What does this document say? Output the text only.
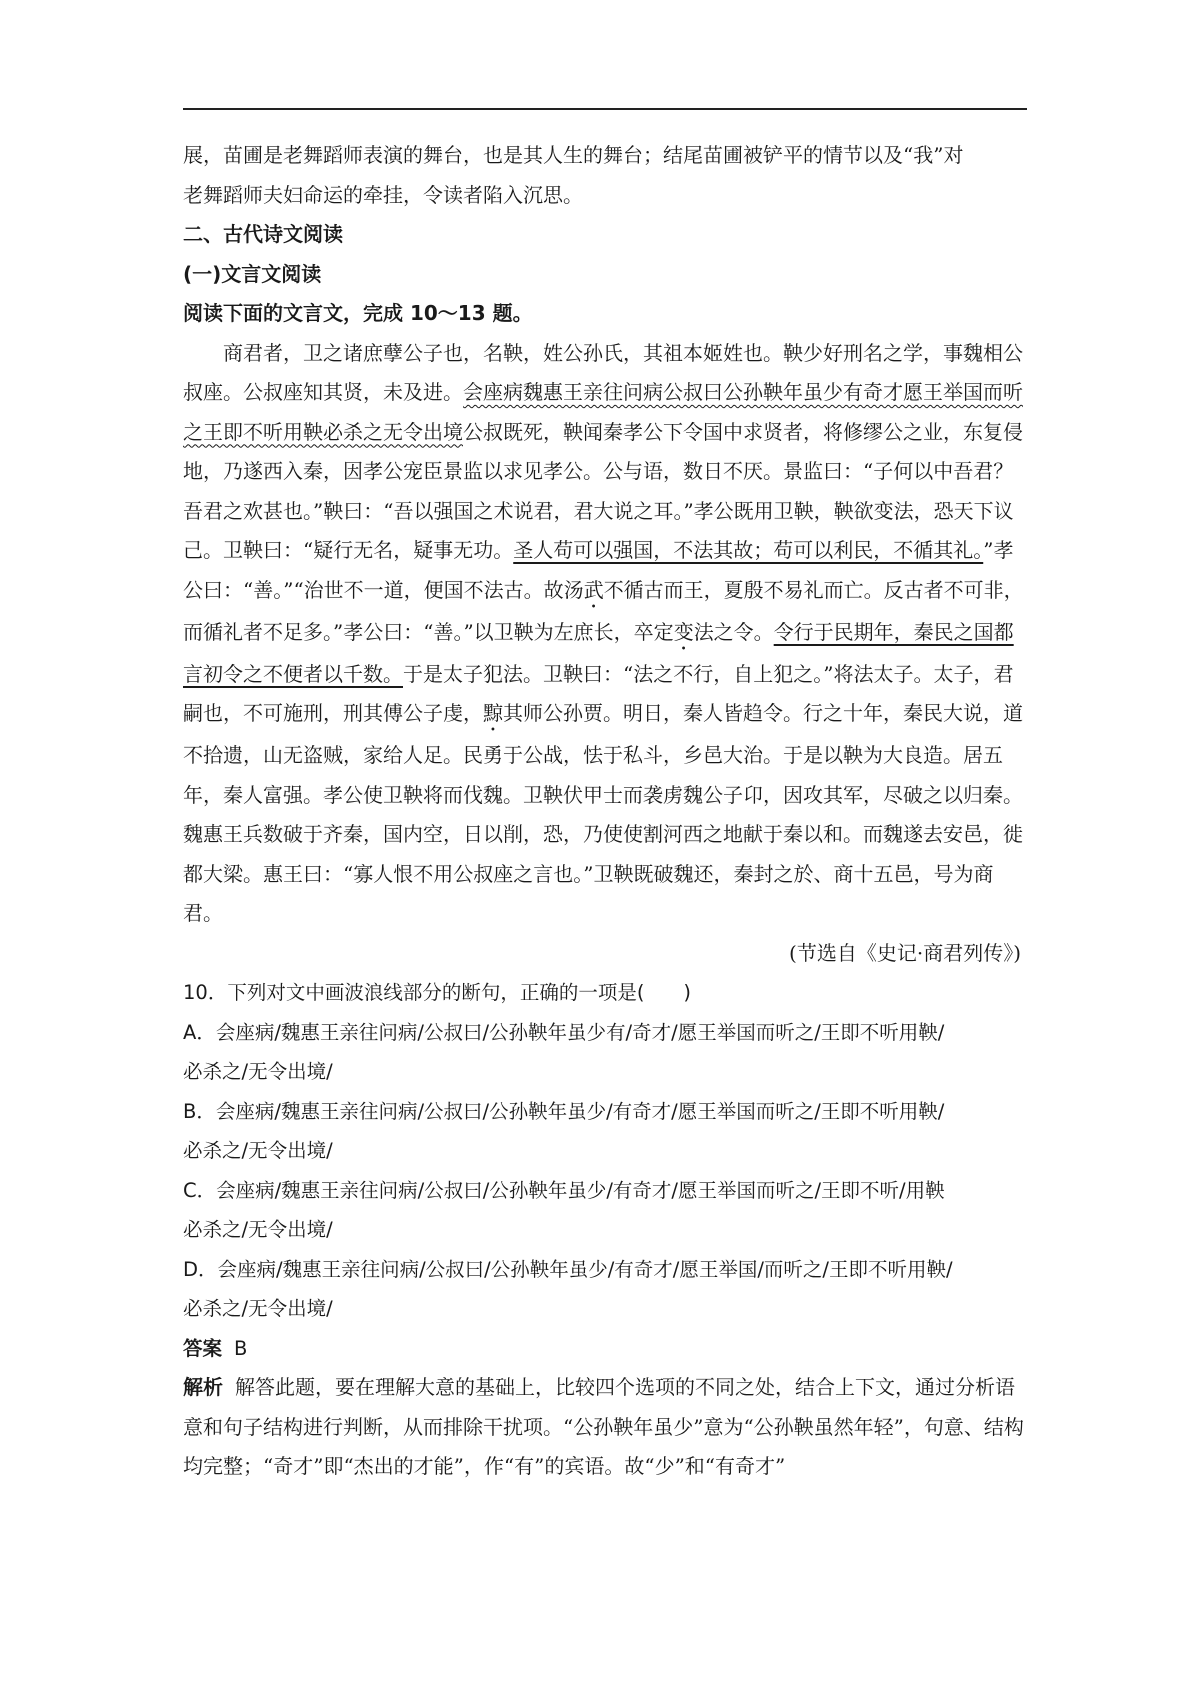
展，苗圃是老舞蹈师表演的舞台，也是其人生的舞台；结尾苗圃被铲平的情节以及“我”对

老舞蹈师夫妇命运的牵挂，令读者陷入沉思。

二、古代诗文阅读

(一)文言文阅读

阅读下面的文言文，完成 10～13 题。

商君者，卫之诸庶孽公子也，名鞅，姓公孙氏，其祖本姬姓也。鞅少好刑名之学，事魏相公叔座。公叔座知其贤，未及进。会座病魏惠王亲往问病公叔曰公孙鞅年虽少有奇才愿王举国而听之王即不听用鞅必杀之无令出境公叔既死，鞅闻秦孝公下令国中求贤者，将修缪公之业，东复侵地，乃遂西入秦，因孝公宠臣景监以求见孝公。公与语，数日不厌。景监曰：“子何以中吾君？吾君之欢甚也。”鞅曰：“吾以强国之术说君，君大说之耳。”孝公既用卫鞅，鞅欲变法，恐天下议己。卫鞅曰：“疑行无名，疑事无功。圣人苟可以强国，不法其故；苟可以利民，不循其礼。”孝公曰：“善。”“治世不一道，便国不法古。故汤武不循古而王，夏殷不易礼而亡。反古者不可非，而循礼者不足多。”孝公曰：“善。”以卫鞅为左庶长，卒定变法之令。令行于民期年，秦民之国都言初令之不便者以千数。于是太子犯法。卫鞅曰：“法之不行，自上犯之。”将法太子。太子，君嗣也，不可施刑，刑其傅公子虔，黥其师公孙贾。明日，秦人皆趋令。行之十年，秦民大说，道不拾遗，山无盗贼，家给人足。民勇于公战，怯于私斗，乡邑大治。于是以鞅为大良造。居五年，秦人富强。孝公使卫鞅将而伐魏。卫鞅伏甲士而袭虏魏公子卬，因攻其军，尽破之以归秦。魏惠王兵数破于齐秦，国内空，日以削，恐，乃使使割河西之地献于秦以和。而魏遂去安邑，徙都大梁。惠王曰：“寡人恨不用公叔座之言也。”卫鞅既破魏还，秦封之於、商十五邑，号为商君。

(节选自《史记·商君列传》)

10．下列对文中画波浪线部分的断句，正确的一项是(　　)

A．会座病/魏惠王亲往问病/公叔曰/公孙鞅年虽少有/奇才/愿王举国而听之/王即不听用鞅/
必杀之/无令出境/

B．会座病/魏惠王亲往问病/公叔曰/公孙鞅年虽少/有奇才/愿王举国而听之/王即不听用鞅/
必杀之/无令出境/

C．会座病/魏惠王亲往问病/公叔曰/公孙鞅年虽少/有奇才/愿王举国而听之/王即不听/用鞅
必杀之/无令出境/

D．会座病/魏惠王亲往问病/公叔曰/公孙鞅年虽少/有奇才/愿王举国/而听之/王即不听用鞅/
必杀之/无令出境/

答案 B

解析 解答此题，要在理解大意的基础上，比较四个选项的不同之处，结合上下文，通过分析语意和句子结构进行判断，从而排除干扰项。“公孙鞅年虽少”意为“公孙鞅虽然年轻”，句意、结构均完整；“奇才”即“杰出的才能”，作“有”的宾语。故“少”和“有奇才”
